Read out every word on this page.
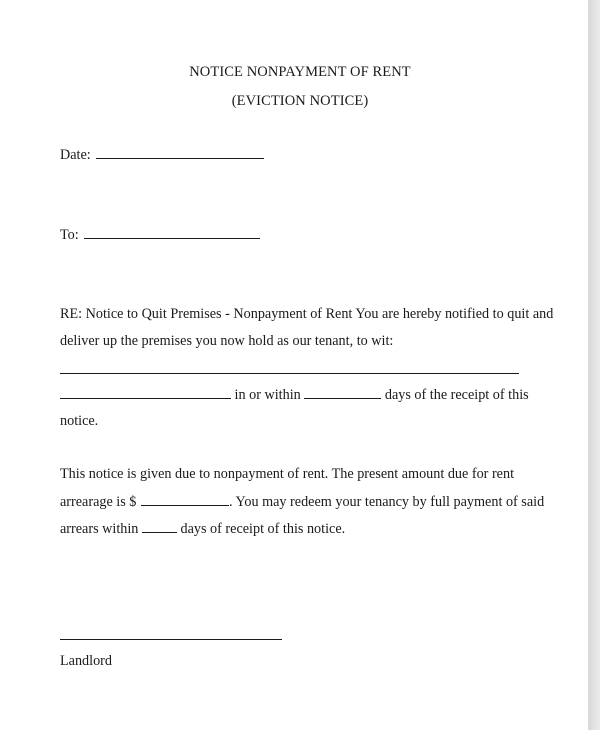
NOTICE NONPAYMENT OF RENT
(EVICTION NOTICE)
Date:
To:
RE: Notice to Quit Premises - Nonpayment of Rent You are hereby notified to quit and
deliver up the premises you now hold as our tenant, to wit:
in or within	days of the receipt of this
notice.
This notice is given due to nonpayment of rent. The present amount due for rent
arrearage is $	. You may redeem your tenancy by full payment of said
arrears within	days of receipt of this notice.
Landlord
